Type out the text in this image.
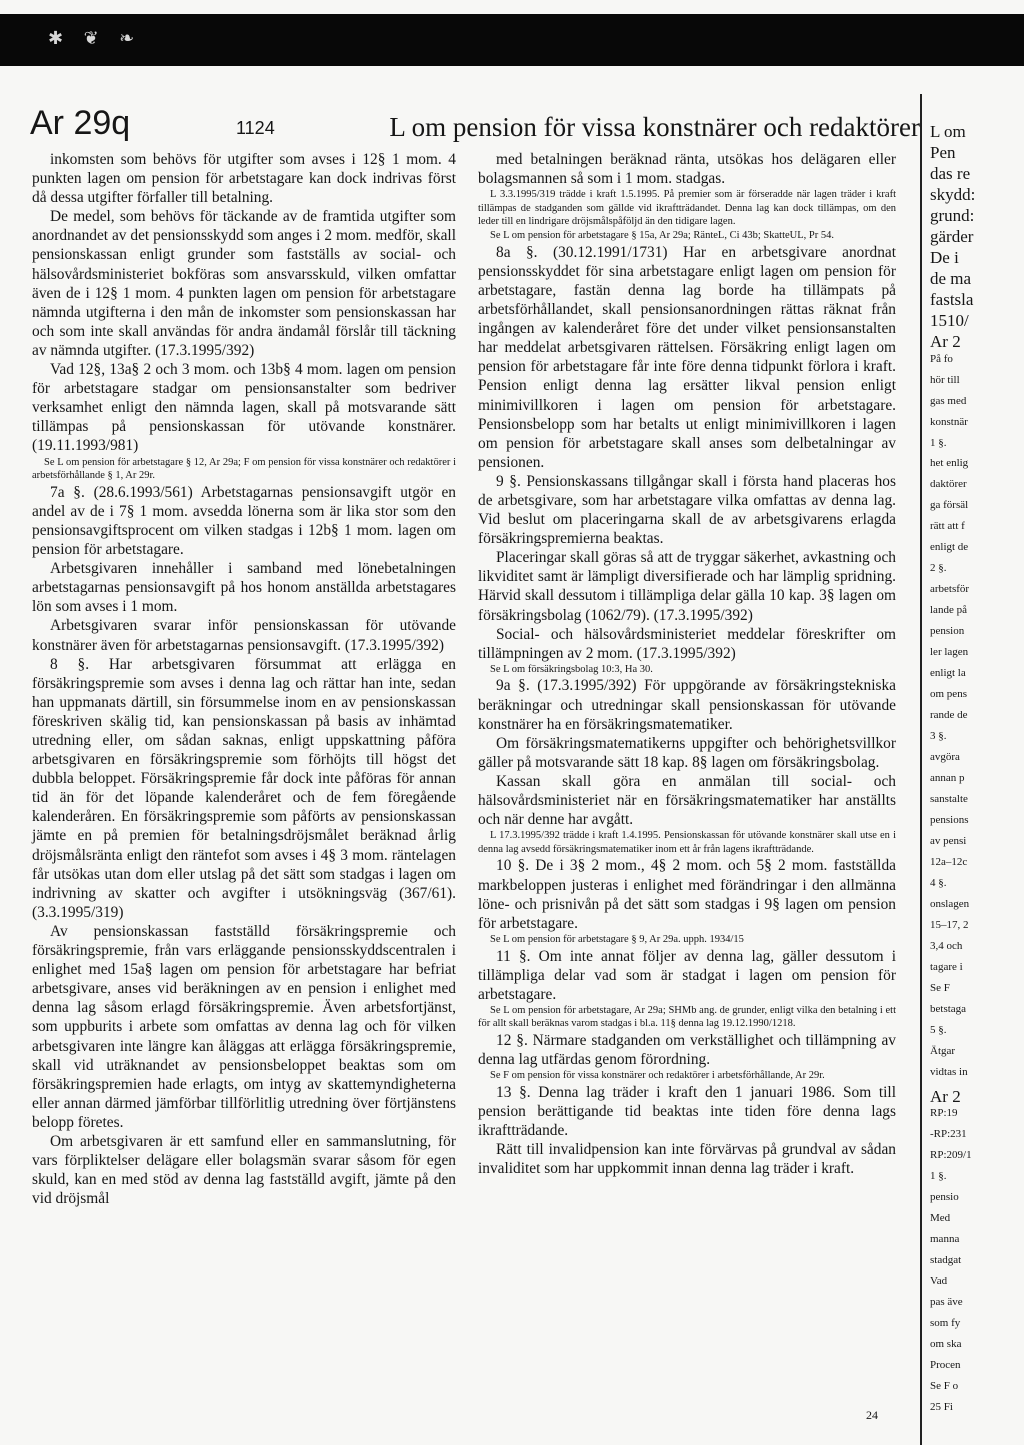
✱ ❦ ❧
Ar 29q	1124	L om pension för vissa konstnärer och redaktörer

inkomsten som behövs för utgifter som avses i 12§ 1 mom. 4 punkten lagen om pension för arbetstagare kan dock indrivas först då dessa utgifter förfaller till betalning.

De medel, som behövs för täckande av de framtida utgifter som anordnandet av det pensionsskydd som anges i 2 mom. medför, skall pensionskassan enligt grunder som fastställs av social- och hälsovårdsministeriet bokföras som ansvarsskuld, vilken omfattar även de i 12§ 1 mom. 4 punkten lagen om pension för arbetstagare nämnda utgifterna i den mån de inkomster som pensionskassan har och som inte skall användas för andra ändamål förslår till täckning av nämnda utgifter. (17.3.1995/392)

Vad 12§, 13a§ 2 och 3 mom. och 13b§ 4 mom. lagen om pension för arbetstagare stadgar om pensionsanstalter som bedriver verksamhet enligt den nämnda lagen, skall på motsvarande sätt tillämpas på pensionskassan för utövande konstnärer. (19.11.1993/981)

Se L om pension för arbetstagare § 12, Ar 29a; F om pension för vissa konstnärer och redaktörer i arbetsförhållande § 1, Ar 29r.

7a §. (28.6.1993/561) Arbetstagarnas pensionsavgift utgör en andel av de i 7§ 1 mom. avsedda lönerna som är lika stor som den pensionsavgiftsprocent om vilken stadgas i 12b§ 1 mom. lagen om pension för arbetstagare.

Arbetsgivaren innehåller i samband med lönebetalningen arbetstagarnas pensionsavgift på hos honom anställda arbetstagares lön som avses i 1 mom.

Arbetsgivaren svarar inför pensionskassan för utövande konstnärer även för arbetstagarnas pensionsavgift. (17.3.1995/392)

8 §. Har arbetsgivaren försummat att erlägga en försäkringspremie som avses i denna lag och rättar han inte, sedan han uppmanats därtill, sin försummelse inom en av pensionskassan föreskriven skälig tid, kan pensionskassan på basis av inhämtad utredning eller, om sådan saknas, enligt uppskattning påföra arbetsgivaren en försäkringspremie som förhöjts till högst det dubbla beloppet. Försäkringspremie får dock inte påföras för annan tid än för det löpande kalenderåret och de fem föregående kalenderåren. En försäkringspremie som påförts av pensionskassan jämte en på premien för betalningsdröjsmålet beräknad årlig dröjsmålsränta enligt den räntefot som avses i 4§ 3 mom. räntelagen får utsökas utan dom eller utslag på det sätt som stadgas i lagen om indrivning av skatter och avgifter i utsökningsväg (367/61). (3.3.1995/319)

Av pensionskassan fastställd försäkringspremie och försäkringspremie, från vars erläggande pensionsskyddscentralen i enlighet med 15a§ lagen om pension för arbetstagare har befriat arbetsgivare, anses vid beräkningen av en pension i enlighet med denna lag såsom erlagd försäkringspremie. Även arbetsfortjänst, som uppburits i arbete som omfattas av denna lag och för vilken arbetsgivaren inte längre kan åläggas att erlägga försäkringspremie, skall vid uträknandet av pensionsbeloppet beaktas som om försäkringspremien hade erlagts, om intyg av skattemyndigheterna eller annan därmed jämförbar tillförlitlig utredning över förtjänstens belopp företes.

Om arbetsgivaren är ett samfund eller en sammanslutning, för vars förpliktelser delägare eller bolagsmän svarar såsom för egen skuld, kan en med stöd av denna lag fastställd avgift, jämte på den vid dröjsmål

med betalningen beräknad ränta, utsökas hos delägaren eller bolagsmannen så som i 1 mom. stadgas.

L 3.3.1995/319 trädde i kraft 1.5.1995. På premier som är förseradde när lagen träder i kraft tillämpas de stadganden som gällde vid ikraftträdandet. Denna lag kan dock tillämpas, om den leder till en lindrigare dröjsmålspåföljd än den tidigare lagen.

Se L om pension för arbetstagare § 15a, Ar 29a; RänteL, Ci 43b; SkatteUL, Pr 54.

8a §. (30.12.1991/1731) Har en arbetsgivare anordnat pensionsskyddet för sina arbetstagare enligt lagen om pension för arbetstagare, fastän denna lag borde ha tillämpats på arbetsförhållandet, skall pensionsanordningen rättas räknat från ingången av kalenderåret före det under vilket pensionsanstalten har meddelat arbetsgivaren rättelsen. Försäkring enligt lagen om pension för arbetstagare får inte före denna tidpunkt förlora i kraft. Pension enligt denna lag ersätter likval pension enligt minimivillkoren i lagen om pension för arbetstagare. Pensionsbelopp som har betalts ut enligt minimivillkoren i lagen om pension för arbetstagare skall anses som delbetalningar av pensionen.

9 §. Pensionskassans tillgångar skall i första hand placeras hos de arbetsgivare, som har arbetstagare vilka omfattas av denna lag. Vid beslut om placeringarna skall de av arbetsgivarens erlagda försäkringspremierna beaktas.

Placeringar skall göras så att de tryggar säkerhet, avkastning och likviditet samt är lämpligt diversifierade och har lämplig spridning. Härvid skall dessutom i tillämpliga delar gälla 10 kap. 3§ lagen om försäkringsbolag (1062/79). (17.3.1995/392)

Social- och hälsovårdsministeriet meddelar föreskrifter om tillämpningen av 2 mom. (17.3.1995/392)

Se L om försäkringsbolag 10:3, Ha 30.

9a §. (17.3.1995/392) För uppgörande av försäkringstekniska beräkningar och utredningar skall pensionskassan för utövande konstnärer ha en försäkringsmatematiker.

Om försäkringsmatematikerns uppgifter och behörighetsvillkor gäller på motsvarande sätt 18 kap. 8§ lagen om försäkringsbolag.

Kassan skall göra en anmälan till social- och hälsovårdsministeriet när en försäkringsmatematiker har anställts och när denne har avgått.

L 17.3.1995/392 trädde i kraft 1.4.1995. Pensionskassan för utövande konstnärer skall utse en i denna lag avsedd försäkringsmatematiker inom ett år från lagens ikraftträdande.

10 §. De i 3§ 2 mom., 4§ 2 mom. och 5§ 2 mom. fastställda markbeloppen justeras i enlighet med förändringar i den allmänna löne- och prisnivån på det sätt som stadgas i 9§ lagen om pension för arbetstagare.

Se L om pension för arbetstagare § 9, Ar 29a. upph. 1934/15

11 §. Om inte annat följer av denna lag, gäller dessutom i tillämpliga delar vad som är stadgat i lagen om pension för arbetstagare.

Se L om pension för arbetstagare, Ar 29a; SHMb ang. de grunder, enligt vilka den betalning i ett för allt skall beräknas varom stadgas i bl.a. 11§ denna lag 19.12.1990/1218.

12 §. Närmare stadganden om verkställighet och tillämpning av denna lag utfärdas genom förordning.

Se F om pension för vissa konstnärer och redaktörer i arbetsförhållande, Ar 29r.

13 §. Denna lag träder i kraft den 1 januari 1986. Som till pension berättigande tid beaktas inte tiden före denna lags ikraftträdande.

Rätt till invalidpension kan inte förvärvas på grundval av sådan invaliditet som har uppkommit innan denna lag träder i kraft.

L om
Pen
das re
skydd:
grund:
gärder
De i
de ma
fastsla
1510/
Ar 2
På fo
hör till
gas med
konstnär
1 §.
het enlig
daktörer
ga försäl
rätt att f
enligt de
2 §.
arbetsför
lande på
pension
ler lagen
enligt la
om pens
rande de
3 §.
avgöra
annan p
sanstalte
pensions
av pensi
12a–12c
4 §.
onslagen
15–17, 2
3,4 och
tagare i
Se F
betstaga
5 §.
Ätgar
vidtas in
Ar 2
RP:19
-RP:231
RP:209/1
1 §.
pensio
Med
manna
stadgat
Vad
pas äve
som fy
om ska
Procen
Se F o
25 Fi
24
